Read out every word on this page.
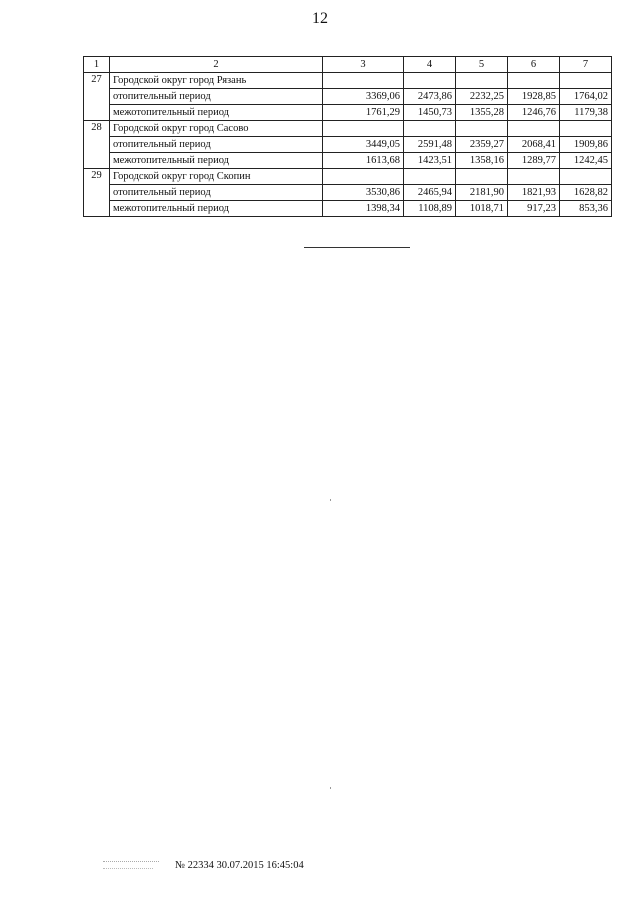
12
1	2	3	4	5	6	7
27	Городской округ город Рязань					
	отопительный период	3369,06	2473,86	2232,25	1928,85	1764,02
	межотопительный период	1761,29	1450,73	1355,28	1246,76	1179,38
28	Городской округ город Сасово					
	отопительный период	3449,05	2591,48	2359,27	2068,41	1909,86
	межотопительный период	1613,68	1423,51	1358,16	1289,77	1242,45
29	Городской округ город Скопин					
	отопительный период	3530,86	2465,94	2181,90	1821,93	1628,82
	межотопительный период	1398,34	1108,89	1018,71	917,23	853,36
№ 22334 30.07.2015 16:45:04
